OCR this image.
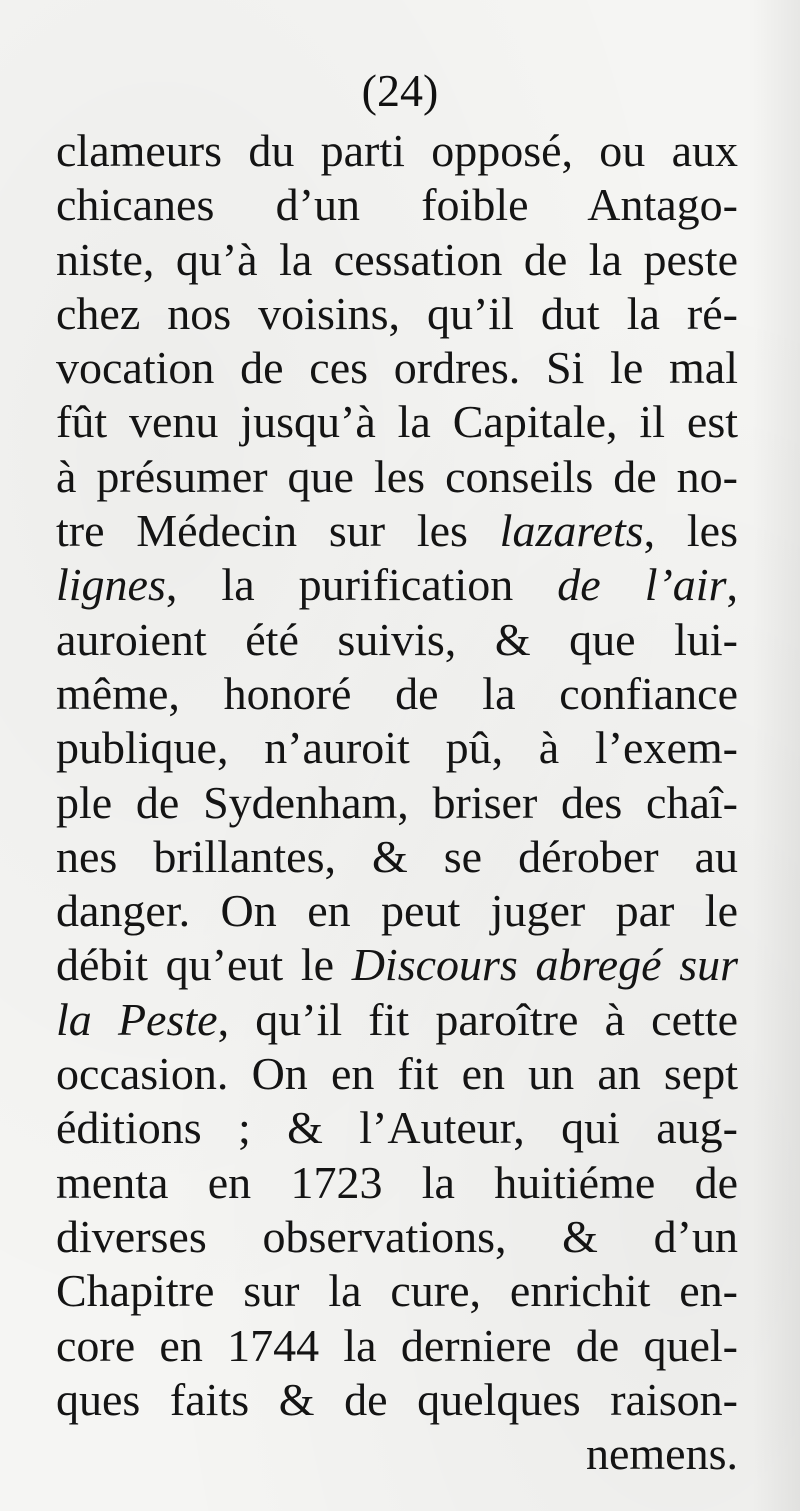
(24)
clameurs du parti opposé, ou aux
chicanes d’un foible Antago-
niste, qu’à la cessation de la peste
chez nos voisins, qu’il dut la ré-
vocation de ces ordres. Si le mal
fût venu jusqu’à la Capitale, il est
à présumer que les conseils de no-
tre Médecin sur les lazarets, les
lignes, la purification de l’air,
auroient été suivis, & que lui-
même, honoré de la confiance
publique, n’auroit pû, à l’exem-
ple de Sydenham, briser des chaî-
nes brillantes, & se dérober au
danger. On en peut juger par le
débit qu’eut le Discours abregé sur
la Peste, qu’il fit paroître à cette
occasion. On en fit en un an sept
éditions ; & l’Auteur, qui aug-
menta en 1723 la huitiéme de
diverses observations, & d’un
Chapitre sur la cure, enrichit en-
core en 1744 la derniere de quel-
ques faits & de quelques raison-
nemens.
